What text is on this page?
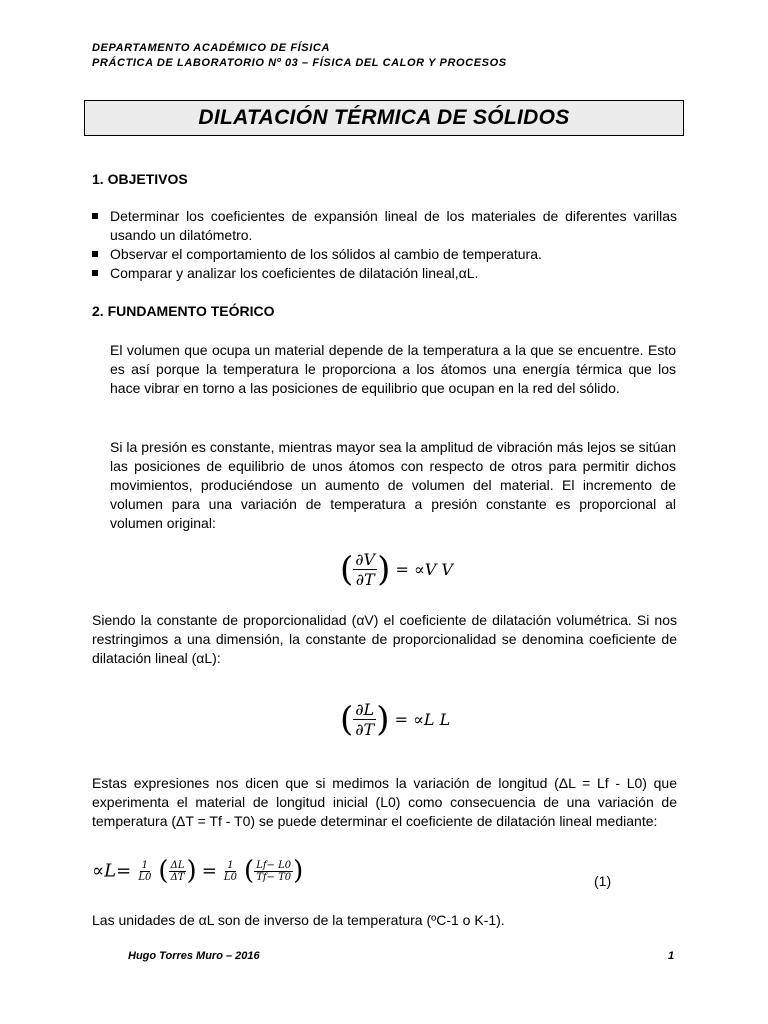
DEPARTAMENTO ACADÉMICO DE FÍSICA
PRÁCTICA DE LABORATORIO Nº 03 – FÍSICA DEL CALOR Y PROCESOS
DILATACIÓN TÉRMICA DE SÓLIDOS
1. OBJETIVOS
Determinar los coeficientes de expansión lineal de los materiales de diferentes varillas usando un dilatómetro.
Observar el comportamiento de los sólidos al cambio de temperatura.
Comparar y analizar los coeficientes de dilatación lineal,αL.
2. FUNDAMENTO TEÓRICO
El volumen que ocupa un material depende de la temperatura a la que se encuentre. Esto es así porque la temperatura le proporciona a los átomos una energía térmica que los hace vibrar en torno a las posiciones de equilibrio que ocupan en la red del sólido.
Si la presión es constante, mientras mayor sea la amplitud de vibración más lejos se sitúan las posiciones de equilibrio de unos átomos con respecto de otros para permitir dichos movimientos, produciéndose un aumento de volumen del material. El incremento de volumen para una variación de temperatura a presión constante es proporcional al volumen original:
( $\frac{\partial V}{\partial T}$ ) = ∝V V
Siendo la constante de proporcionalidad (αV) el coeficiente de dilatación volumétrica. Si nos restringimos a una dimensión, la constante de proporcionalidad se denomina coeficiente de dilatación lineal (αL):
( $\frac{\partial L}{\partial T}$ ) = ∝L L
Estas expresiones nos dicen que si medimos la variación de longitud (ΔL = Lf - L0) que experimenta el material de longitud inicial (L0) como consecuencia de una variación de temperatura (ΔT = Tf - T0) se puede determinar el coeficiente de dilatación lineal mediante:
$\propto L= \frac{1}{L0}$ ( $\frac{\Delta L}{\Delta T}$ ) = $\frac{1}{L0}$ ( $\frac{Lf- L0}{Tf- T0}$ )	(1)
Las unidades de αL son de inverso de la temperatura (ºC-1 o K-1).
Hugo Torres Muro – 2016	1
